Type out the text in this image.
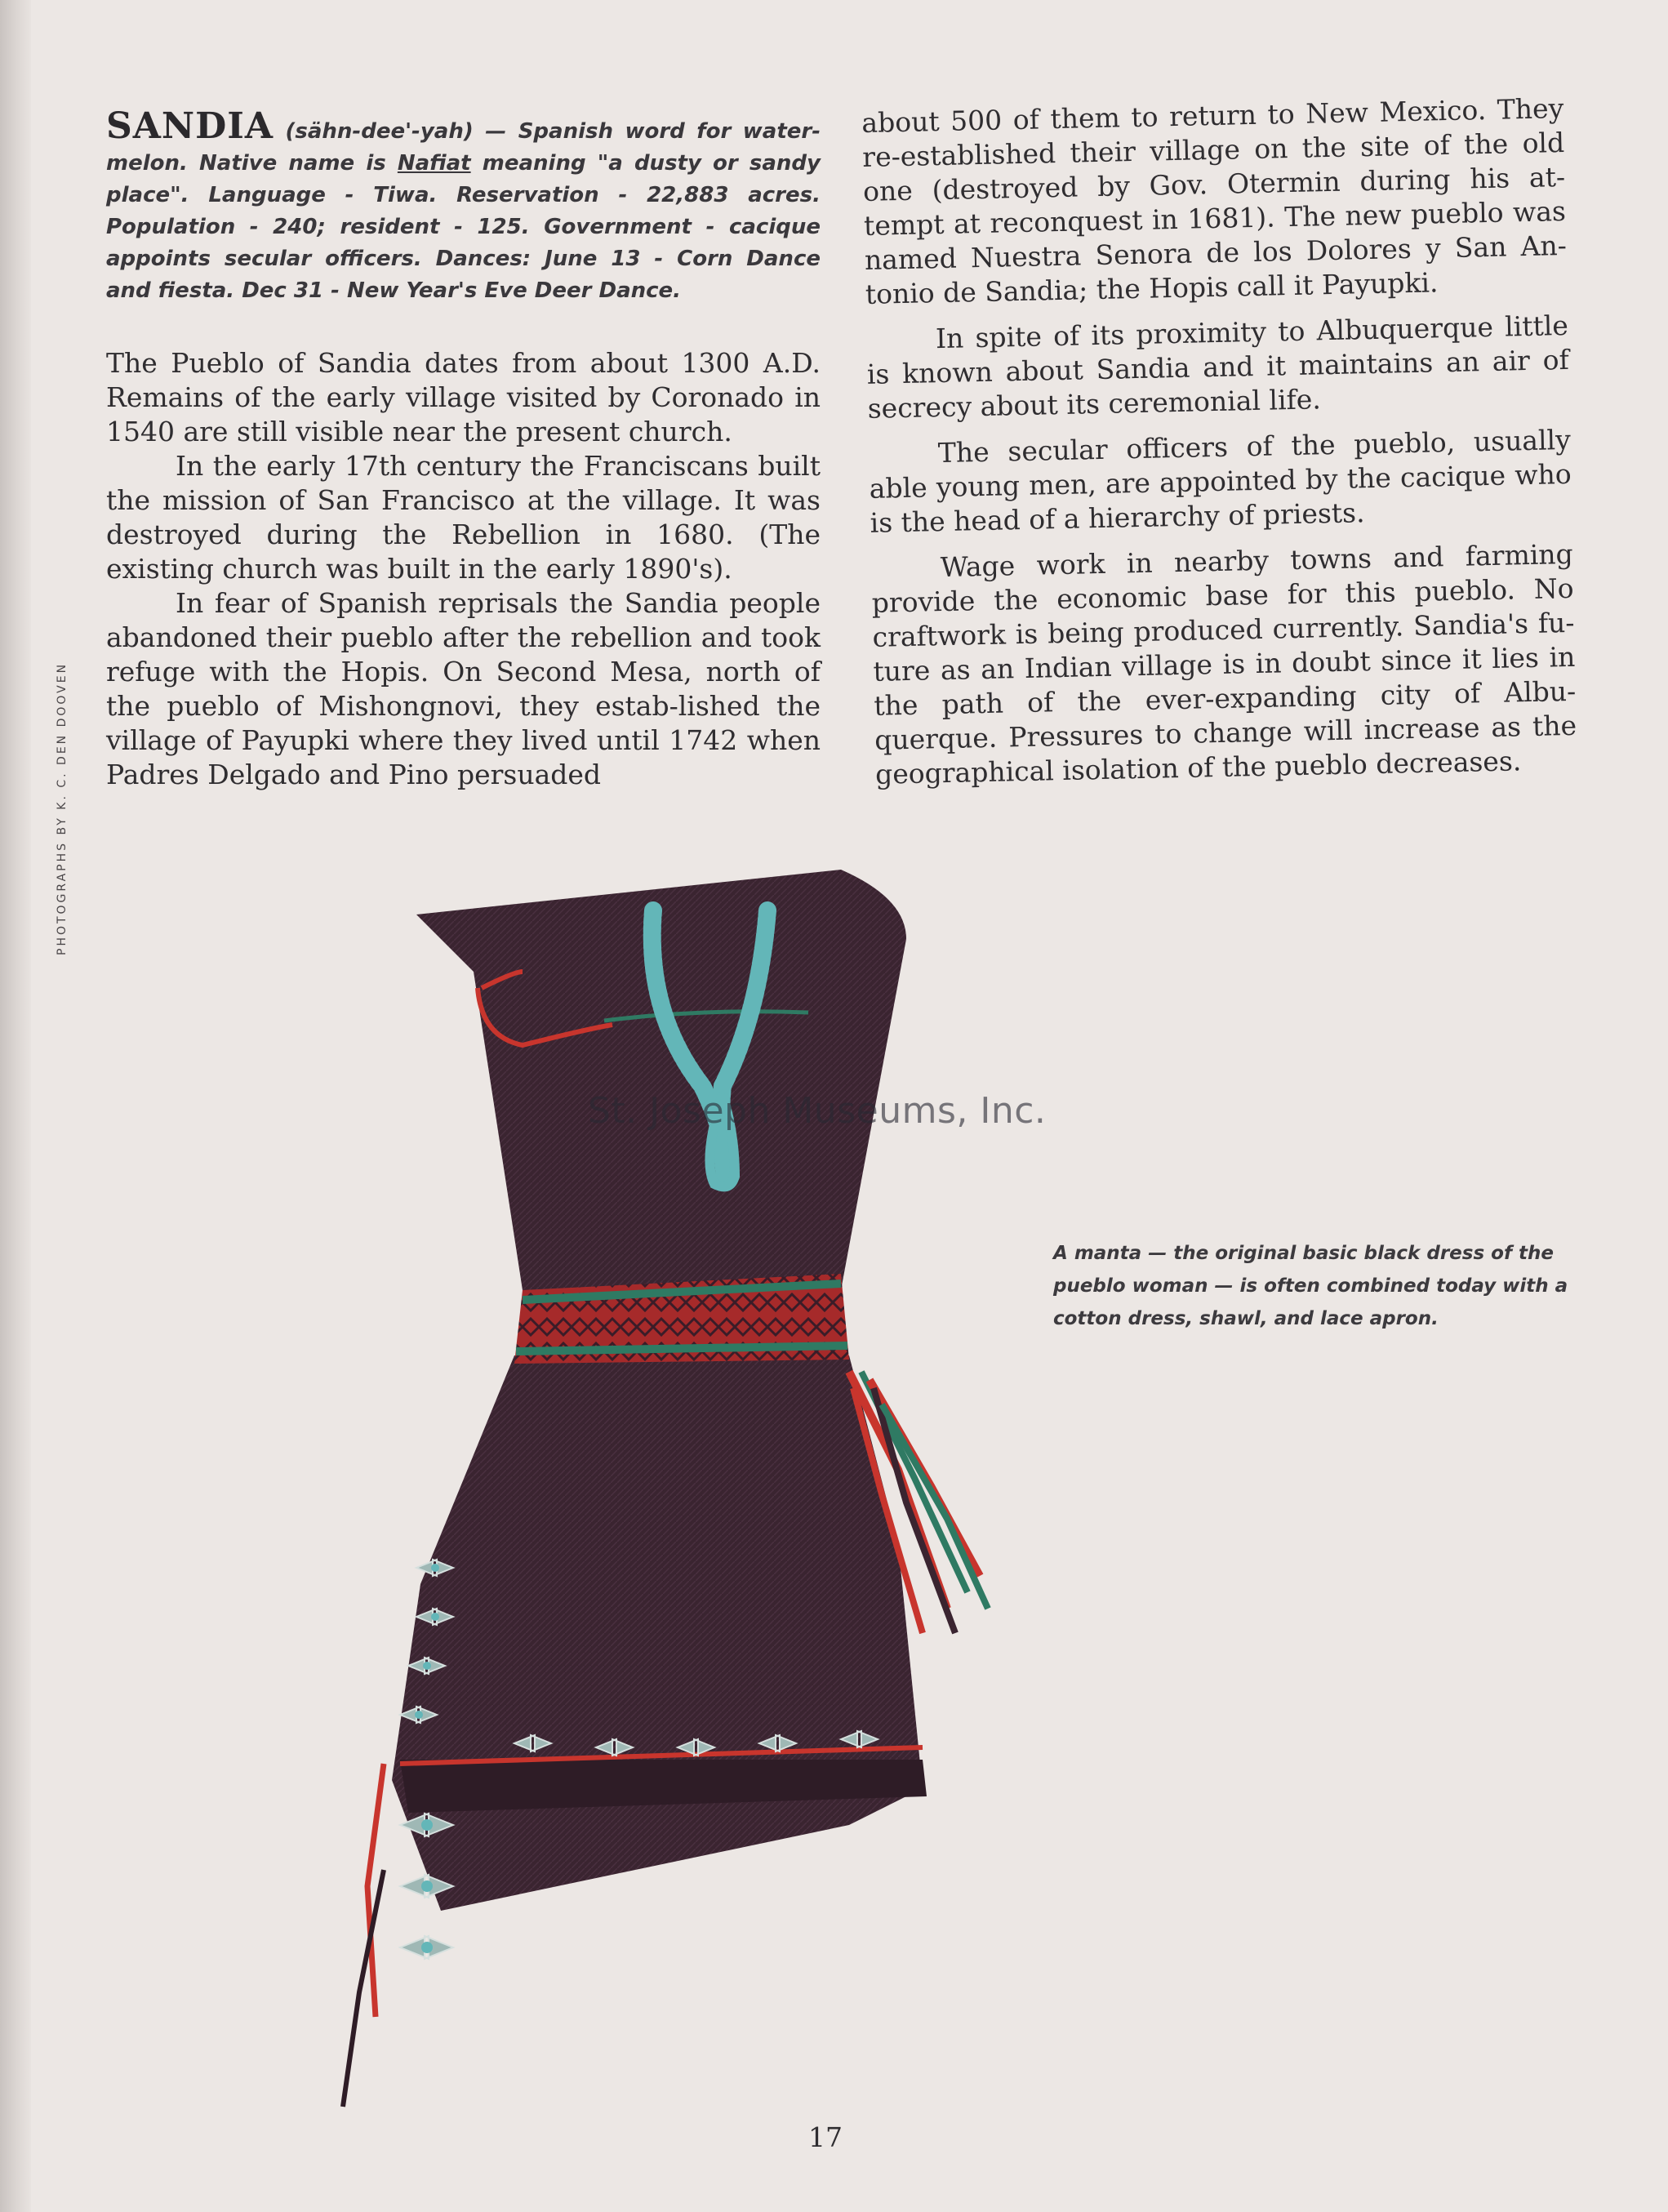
PHOTOGRAPHS BY K. C. DEN DOOVEN
SANDIA (sähn-dee'-yah) — Spanish word for water-melon. Native name is Nafiat meaning "a dusty or sandy place". Language - Tiwa. Reservation - 22,883 acres. Population - 240; resident - 125. Government - cacique appoints secular officers. Dances: June 13 - Corn Dance and fiesta. Dec 31 - New Year's Eve Deer Dance.

The Pueblo of Sandia dates from about 1300 A.D. Remains of the early village visited by Coronado in 1540 are still visible near the present church.

In the early 17th century the Franciscans built the mission of San Francisco at the village. It was destroyed during the Rebellion in 1680. (The existing church was built in the early 1890's).

In fear of Spanish reprisals the Sandia people abandoned their pueblo after the rebellion and took refuge with the Hopis. On Second Mesa, north of the pueblo of Mishongnovi, they estab-lished the village of Payupki where they lived until 1742 when Padres Delgado and Pino persuaded

about 500 of them to return to New Mexico. They re-established their village on the site of the old one (destroyed by Gov. Otermin during his at-tempt at reconquest in 1681). The new pueblo was named Nuestra Senora de los Dolores y San An-tonio de Sandia; the Hopis call it Payupki.

In spite of its proximity to Albuquerque little is known about Sandia and it maintains an air of secrecy about its ceremonial life.

The secular officers of the pueblo, usually able young men, are appointed by the cacique who is the head of a hierarchy of priests.

Wage work in nearby towns and farming provide the economic base for this pueblo. No craftwork is being produced currently. Sandia's fu-ture as an Indian village is in doubt since it lies in the path of the ever-expanding city of Albu-querque. Pressures to change will increase as the geographical isolation of the pueblo decreases.

St. Joseph Museums, Inc.
A manta — the original basic black dress of the pueblo woman — is often combined today with a cotton dress, shawl, and lace apron.
17
